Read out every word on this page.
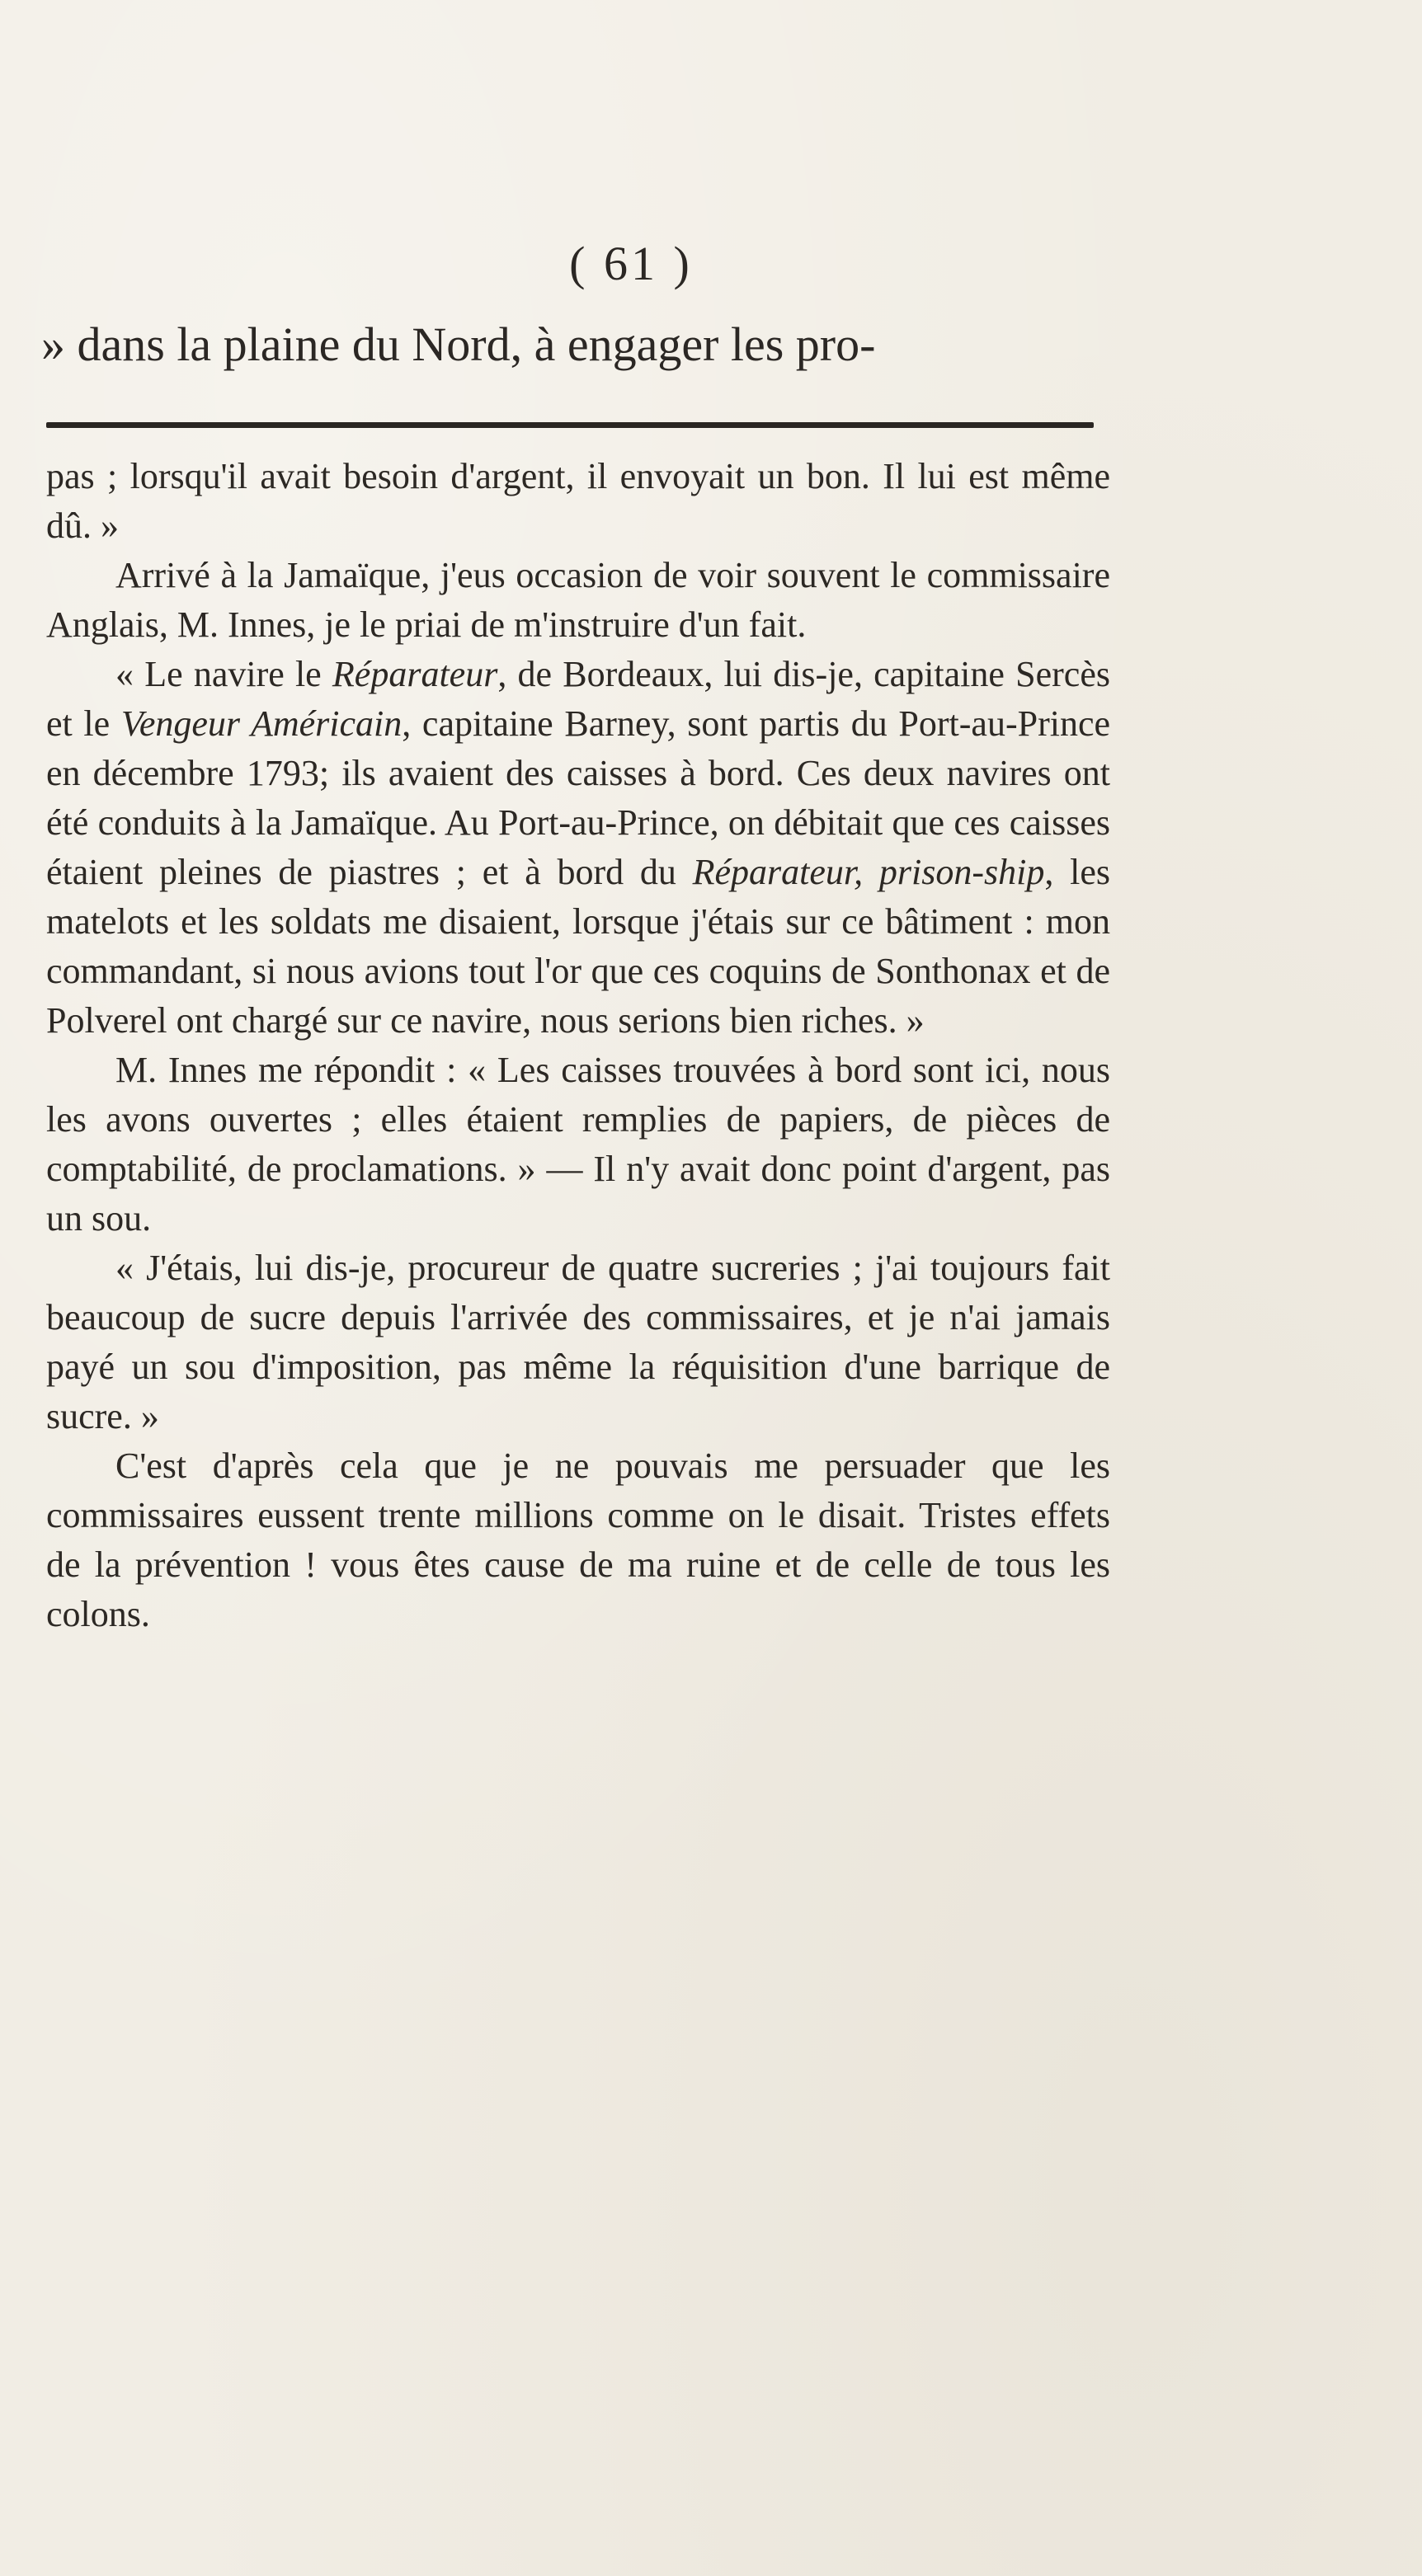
( 61 )
» dans la plaine du Nord, à engager les pro-

pas ; lorsqu'il avait besoin d'argent, il envoyait un bon. Il lui est même dû. »

Arrivé à la Jamaïque, j'eus occasion de voir souvent le commissaire Anglais, M. Innes, je le priai de m'instruire d'un fait.

« Le navire le Réparateur, de Bordeaux, lui dis-je, capitaine Sercès et le Vengeur Américain, capitaine Barney, sont partis du Port-au-Prince en décembre 1793; ils avaient des caisses à bord. Ces deux navires ont été conduits à la Jamaïque. Au Port-au-Prince, on débitait que ces caisses étaient pleines de piastres ; et à bord du Réparateur, prison-ship, les matelots et les soldats me disaient, lorsque j'étais sur ce bâtiment : mon commandant, si nous avions tout l'or que ces coquins de Sonthonax et de Polverel ont chargé sur ce navire, nous serions bien riches. »

M. Innes me répondit : « Les caisses trouvées à bord sont ici, nous les avons ouvertes ; elles étaient remplies de papiers, de pièces de comptabilité, de proclamations. » — Il n'y avait donc point d'argent, pas un sou.

« J'étais, lui dis-je, procureur de quatre sucreries ; j'ai toujours fait beaucoup de sucre depuis l'arrivée des commissaires, et je n'ai jamais payé un sou d'imposition, pas même la réquisition d'une barrique de sucre. »

C'est d'après cela que je ne pouvais me persuader que les commissaires eussent trente millions comme on le disait. Tristes effets de la prévention ! vous êtes cause de ma ruine et de celle de tous les colons.
